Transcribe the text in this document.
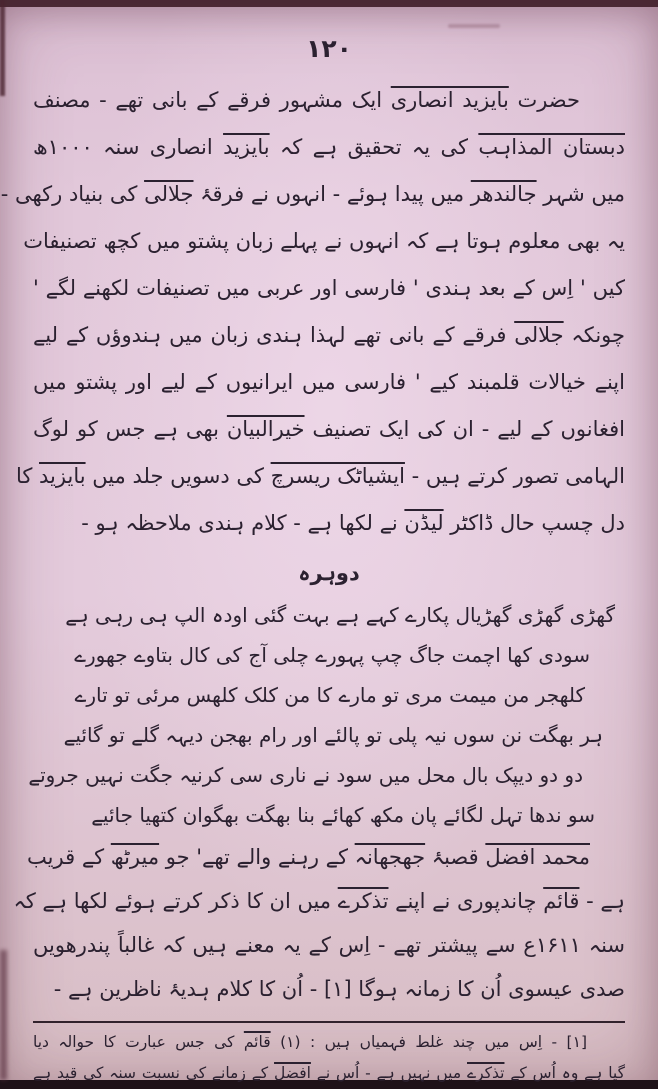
۱۲۰
حضرت بایزید انصاری ایک مشہور فرقے کے بانی تھے - مصنف
دبستان المذاہب کی یہ تحقیق ہے کہ بایزید انصاری سنہ ۱۰۰۰ھ
میں شہر جالندھر میں پیدا ہوئے - انہوں نے فرقۂ جلالی کی بنیاد رکھی -
یہ بھی معلوم ہوتا ہے کہ انہوں نے پہلے زبان پشتو میں کچھ تصنیفات
کیں ' اِس کے بعد ہندی ' فارسی اور عربی میں تصنیفات لکھنے لگے '
چونکہ جلالی فرقے کے بانی تھے لہذا ہندی زبان میں ہندوؤں کے لیے
اپنے خیالات قلمبند کیے ' فارسی میں ایرانیوں کے لیے اور پشتو میں
افغانوں کے لیے - ان کی ایک تصنیف خیرالبیان بھی ہے جس کو لوگ
الہامی تصور کرتے ہیں - ایشیاٹک ریسرچ کی دسویں جلد میں بایزید کا
دل چسپ حال ڈاکٹر لیڈن نے لکھا ہے - کلام ہندی ملاحظہ ہو -
دوہرہ
گھڑی گھڑی گھڑیال پکارے کہے ہے بہت گئی اودہ الپ ہی رہی ہے
سودی کھا اچمت جاگ چپ پہورے چلی آج کی کال بتاوے جھورے
کلھجر من میمت مری تو مارے کا من کلک کلھس مرئی تو تارے
ہر بھگت نن سوں نیہ پلی تو پالئے اور رام بھجن دیہہ گلے تو گائیے
دو دو دیپک بال محل میں سود نے ناری سی کرنیہ جگت نہیں جروتے
سو ندھا تہل لگائے پان مکھ کھائے بنا بھگت بھگوان کتھیا جائیے
محمد افضل قصبۂ جھجھانہ کے رہنے والے تھے' جو میرٹھ کے قریب
ہے - قائم چاندپوری نے اپنے تذکرے میں ان کا ذکر کرتے ہوئے لکھا ہے کہ
سنہ ۱۶۱۱ع سے پیشتر تھے - اِس کے یہ معنے ہیں کہ غالباً پندرھویں
صدی عیسوی اُن کا زمانہ ہوگا [۱] - اُن کا کلام ہدیۂ ناظرین ہے -
[۱] - اِس میں چند غلط فہمیاں ہیں : (۱) قائم کی جس عبارت کا حوالہ دیا
گیا ہے وہ اُس کے تذکرے میں نہیں ہے - اُس نے افضل کے زمانے کی نسبت سنہ کی قید ہے
